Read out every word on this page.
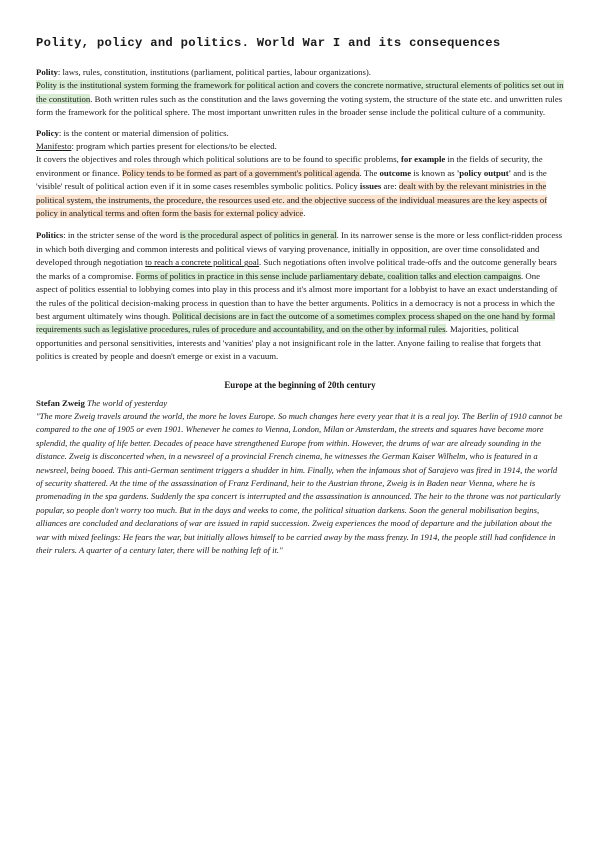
Polity, policy and politics. World War I and its consequences

Polity: laws, rules, constitution, institutions (parliament, political parties, labour organizations).
Polity is the institutional system forming the framework for political action and covers the concrete normative, structural elements of politics set out in the constitution. Both written rules such as the constitution and the laws governing the voting system, the structure of the state etc. and unwritten rules form the framework for the political sphere. The most important unwritten rules in the broader sense include the political culture of a community.

Policy: is the content or material dimension of politics.
Manifesto: program which parties present for elections/to be elected.
It covers the objectives and roles through which political solutions are to be found to specific problems, for example in the fields of security, the environment or finance. Policy tends to be formed as part of a government's political agenda. The outcome is known as 'policy output' and is the 'visible' result of political action even if it in some cases resembles symbolic politics. Policy issues are: dealt with by the relevant ministries in the political system, the instruments, the procedure, the resources used etc. and the objective success of the individual measures are the key aspects of policy in analytical terms and often form the basis for external policy advice.

Politics: in the stricter sense of the word is the procedural aspect of politics in general. In its narrower sense is the more or less conflict-ridden process in which both diverging and common interests and political views of varying provenance, initially in opposition, are over time consolidated and developed through negotiation to reach a concrete political goal. Such negotiations often involve political trade-offs and the outcome generally bears the marks of a compromise. Forms of politics in practice in this sense include parliamentary debate, coalition talks and election campaigns. One aspect of politics essential to lobbying comes into play in this process and it's almost more important for a lobbyist to have an exact understanding of the rules of the political decision-making process in question than to have the better arguments. Politics in a democracy is not a process in which the best argument ultimately wins though. Political decisions are in fact the outcome of a sometimes complex process shaped on the one hand by formal requirements such as legislative procedures, rules of procedure and accountability, and on the other by informal rules. Majorities, political opportunities and personal sensitivities, interests and 'vanities' play a not insignificant role in the latter. Anyone failing to realise that forgets that politics is created by people and doesn't emerge or exist in a vacuum.

Europe at the beginning of 20th century

Stefan Zweig The world of yesterday

"The more Zweig travels around the world, the more he loves Europe. So much changes here every year that it is a real joy. The Berlin of 1910 cannot be compared to the one of 1905 or even 1901. Whenever he comes to Vienna, London, Milan or Amsterdam, the streets and squares have become more splendid, the quality of life better. Decades of peace have strengthened Europe from within. However, the drums of war are already sounding in the distance. Zweig is disconcerted when, in a newsreel of a provincial French cinema, he witnesses the German Kaiser Wilhelm, who is featured in a newsreel, being booed. This anti-German sentiment triggers a shudder in him. Finally, when the infamous shot of Sarajevo was fired in 1914, the world of security shattered. At the time of the assassination of Franz Ferdinand, heir to the Austrian throne, Zweig is in Baden near Vienna, where he is promenading in the spa gardens. Suddenly the spa concert is interrupted and the assassination is announced. The heir to the throne was not particularly popular, so people don't worry too much. But in the days and weeks to come, the political situation darkens. Soon the general mobilisation begins, alliances are concluded and declarations of war are issued in rapid succession. Zweig experiences the mood of departure and the jubilation about the war with mixed feelings: He fears the war, but initially allows himself to be carried away by the mass frenzy. In 1914, the people still had confidence in their rulers. A quarter of a century later, there will be nothing left of it."
